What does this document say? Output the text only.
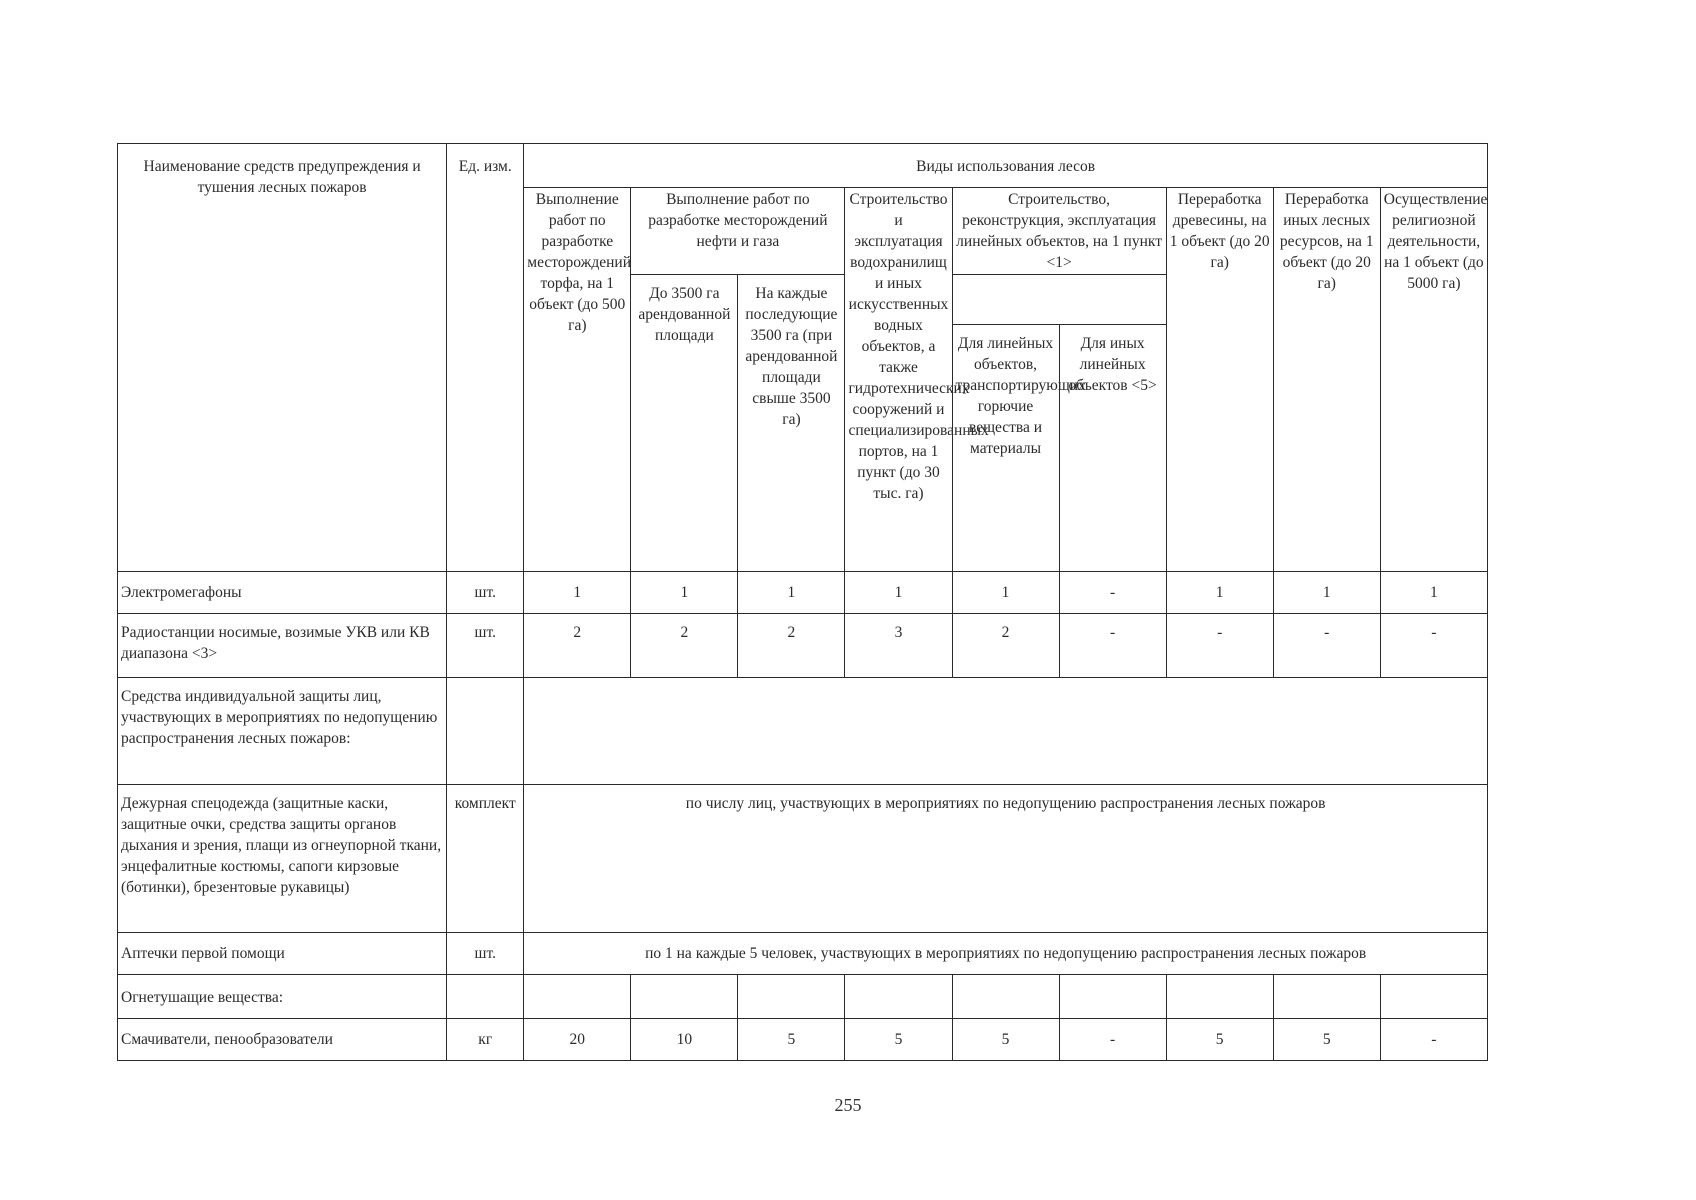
Наименование средств предупреждения и тушения лесных пожаров	Ед. изм.	Виды использования лесов								
		Выполнение работ по разработке месторождений торфа, на 1 объект (до 500 га)	Выполнение работ по разработке месторождений нефти и газа		Строительство и эксплуатация водохранилищ и иных искусственных водных объектов, а также гидротехнических сооружений и специализированных портов, на 1 пункт (до 30 тыс. га)	Строительство, реконструкция, эксплуатация линейных объектов, на 1 пункт <1>		Переработка древесины, на 1 объект (до 20 га)	Переработка иных лесных ресурсов, на 1 объект (до 20 га)	Осуществление религиозной деятельности, на 1 объект (до 5000 га)
			До 3500 га арендованной площади	На каждые последующие 3500 га (при арендованной площади свыше 3500 га)						
						Для линейных объектов, транспортирующих горючие вещества и материалы	Для иных линейных объектов <5>			
Электромегафоны	шт.	1	1	1	1	1	-	1	1	1
Радиостанции носимые, возимые УКВ или КВ диапазона <3>	шт.	2	2	2	3	2	-	-	-	-
Средства индивидуальной защиты лиц, участвующих в мероприятиях по недопущению распространения лесных пожаров:										
Дежурная спецодежда (защитные каски, защитные очки, средства защиты органов дыхания и зрения, плащи из огнеупорной ткани, энцефалитные костюмы, сапоги кирзовые (ботинки), брезентовые рукавицы)	комплект	по числу лиц, участвующих в мероприятиях по недопущению распространения лесных пожаров								
Аптечки первой помощи	шт.	по 1 на каждые 5 человек, участвующих в мероприятиях по недопущению распространения лесных пожаров								
Огнетушащие вещества:										
Смачиватели, пенообразователи	кг	20	10	5	5	5	-	5	5	-
255
